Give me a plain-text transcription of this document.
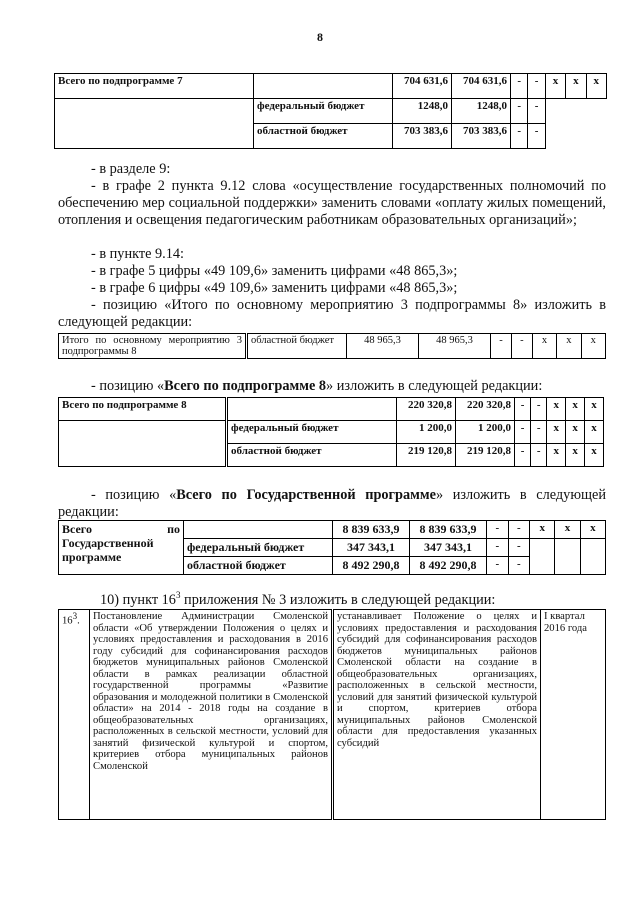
8
Всего по подпрограмме 7		704 631,6	704 631,6	-	-	х	х	х
	федеральный бюджет	1248,0	1248,0	-	-			
	областной бюджет	703 383,6	703 383,6	-	-			
- в разделе 9:
- в графе 2 пункта 9.12 слова «осуществление государственных полномочий по обеспечению мер социальной поддержки» заменить словами «оплату жилых помещений, отопления и освещения педагогическим работникам образовательных организаций»;
- в пункте 9.14:
- в графе 5 цифры «49 109,6» заменить цифрами «48 865,3»;
- в графе 6 цифры «49 109,6» заменить цифрами «48 865,3»;
- позицию «Итого по основному мероприятию 3 подпрограммы 8» изложить в следующей редакции:
Итого по основному мероприятию 3 подпрограммы 8	областной бюджет	48 965,3	48 965,3	-	-	х	х	х
- позицию «Всего по подпрограмме 8» изложить в следующей редакции:
Всего по подпрограмме 8		220 320,8	220 320,8	-	-	х	х	х
	федеральный бюджет	1 200,0	1 200,0	-	-	х	х	х
	областной бюджет	219 120,8	219 120,8	-	-	х	х	х
- позицию «Всего по Государственной программе» изложить в следующей редакции:
Всего по Государственной программе		8 839 633,9	8 839 633,9	-	-	х	х	х
	федеральный бюджет	347 343,1	347 343,1	-	-			
	областной бюджет	8 492 290,8	8 492 290,8	-	-			
10) пункт $16^3$ приложения № 3 изложить в следующей редакции:
$16^3$.	Постановление Администрации Смоленской области «Об утверждении Положения о целях и условиях предоставления и расходования в 2016 году субсидий для софинансирования расходов бюджетов муниципальных районов Смоленской области в рамках реализации областной государственной программы «Развитие образования и молодежной политики в Смоленской области» на 2014 - 2018 годы на создание в общеобразовательных организациях, расположенных в сельской местности, условий для занятий физической культурой и спортом, критериев отбора муниципальных районов Смоленской	устанавливает Положение о целях и условиях предоставления и расходования субсидий для софинансирования расходов бюджетов муниципальных районов Смоленской области на создание в общеобразовательных организациях, расположенных в сельской местности, условий для занятий физической культурой и спортом, критериев отбора муниципальных районов Смоленской области для предоставления указанных субсидий	I квартал 2016 года
